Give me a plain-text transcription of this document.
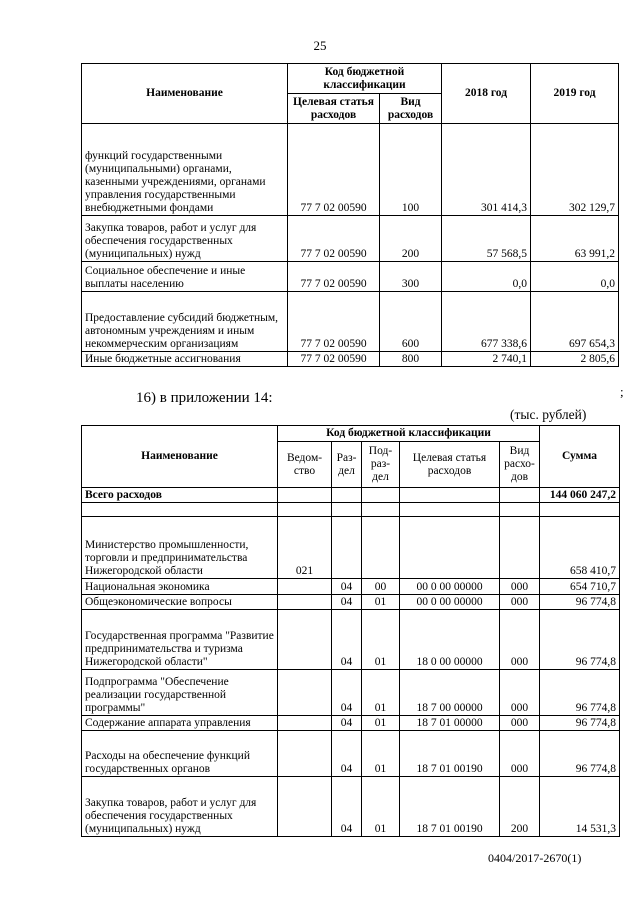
25
Наименование	Код бюджетной классификации		2018 год	2019 год
	Целевая статья расходов	Вид расходов		
функций государственными (муниципальными) органами, казенными учреждениями, органами управления государственными внебюджетными фондами	77 7 02 00590	100	301 414,3	302 129,7
Закупка товаров, работ и услуг для обеспечения государственных (муниципальных) нужд	77 7 02 00590	200	57 568,5	63 991,2
Социальное обеспечение и иные выплаты населению	77 7 02 00590	300	0,0	0,0
Предоставление субсидий бюджетным, автономным учреждениям и иным некоммерческим организациям	77 7 02 00590	600	677 338,6	697 654,3
Иные бюджетные ассигнования	77 7 02 00590	800	2 740,1	2 805,6
;
16) в приложении 14:
(тыс. рублей)
Наименование	Код бюджетной классификации					Сумма
	Ведом-ство	Раз-дел	Под-раз-дел	Целевая статья расходов	Вид расхо-дов	
Всего расходов						144 060 247,2

Министерство промышленности, торговли и предпринимательства Нижегородской области	021					658 410,7
Национальная экономика		04	00	00 0 00 00000	000	654 710,7
Общеэкономические вопросы		04	01	00 0 00 00000	000	96 774,8
Государственная программа "Развитие предпринимательства и туризма Нижегородской области"		04	01	18 0 00 00000	000	96 774,8
Подпрограмма "Обеспечение реализации государственной программы"		04	01	18 7 00 00000	000	96 774,8
Содержание аппарата управления		04	01	18 7 01 00000	000	96 774,8
Расходы на обеспечение функций государственных органов		04	01	18 7 01 00190	000	96 774,8
Закупка товаров, работ и услуг для обеспечения государственных (муниципальных) нужд		04	01	18 7 01 00190	200	14 531,3
0404/2017-2670(1)
